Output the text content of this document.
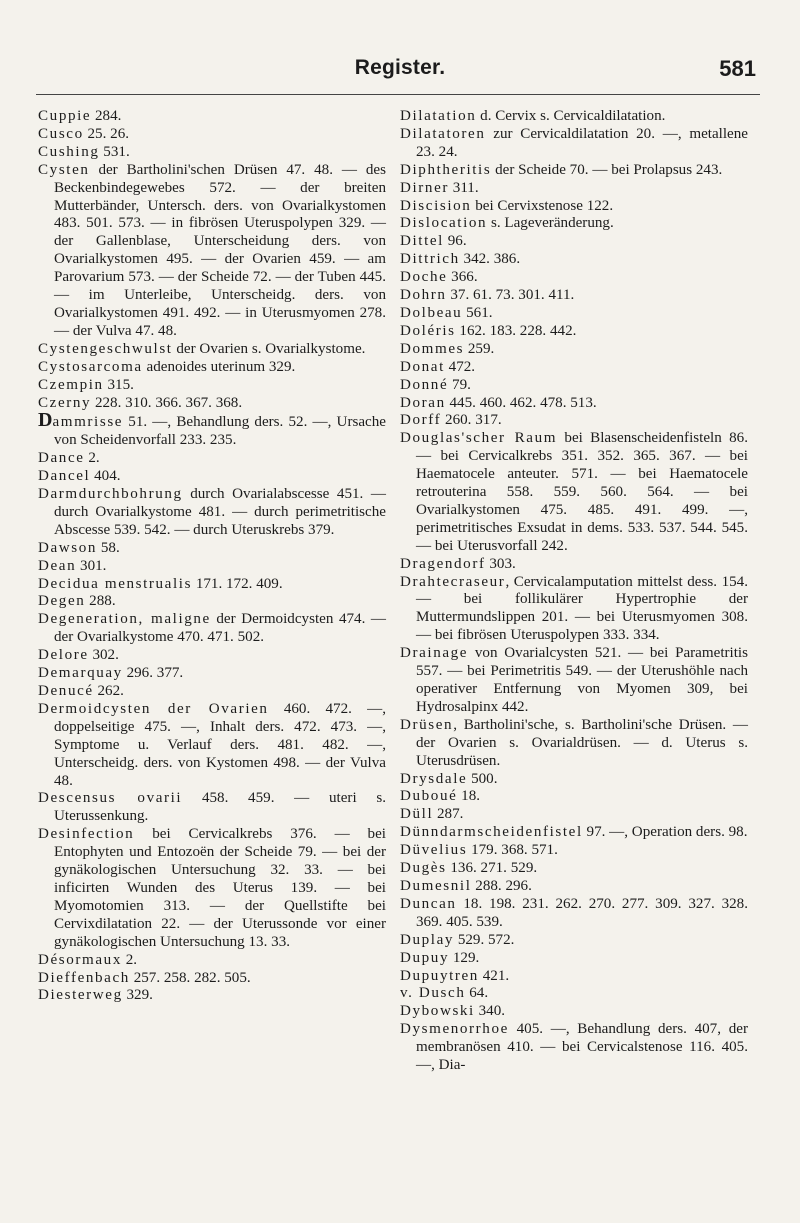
Register.	581

Cuppie 284.

Cusco 25. 26.

Cushing 531.

Cysten der Bartholini'schen Drüsen 47. 48. — des Beckenbindegewebes 572. — der breiten Mutterbänder, Untersch. ders. von Ovarialkystomen 483. 501. 573. — in fibrösen Uteruspolypen 329. — der Gallenblase, Unterscheidung ders. von Ovarialkystomen 495. — der Ovarien 459. — am Parovarium 573. — der Scheide 72. — der Tuben 445. — im Unterleibe, Unterscheidg. ders. von Ovarialkystomen 491. 492. — in Uterusmyomen 278. — der Vulva 47. 48.

Cystengeschwulst der Ovarien s. Ovarialkystome.

Cystosarcoma adenoides uterinum 329.

Czempin 315.

Czerny 228. 310. 366. 367. 368.

Dammrisse 51. —, Behandlung ders. 52. —, Ursache von Scheidenvorfall 233. 235.

Dance 2.

Dancel 404.

Darmdurchbohrung durch Ovarialabscesse 451. — durch Ovarialkystome 481. — durch perimetritische Abscesse 539. 542. — durch Uteruskrebs 379.

Dawson 58.

Dean 301.

Decidua menstrualis 171. 172. 409.

Degen 288.

Degeneration, maligne der Dermoidcysten 474. — der Ovarialkystome 470. 471. 502.

Delore 302.

Demarquay 296. 377.

Denucé 262.

Dermoidcysten der Ovarien 460. 472. —, doppelseitige 475. —, Inhalt ders. 472. 473. —, Symptome u. Verlauf ders. 481. 482. —, Unterscheidg. ders. von Kystomen 498. — der Vulva 48.

Descensus ovarii 458. 459. — uteri s. Uterussenkung.

Desinfection bei Cervicalkrebs 376. — bei Entophyten und Entozoën der Scheide 79. — bei der gynäkologischen Untersuchung 32. 33. — bei inficirten Wunden des Uterus 139. — bei Myomotomien 313. — der Quellstifte bei Cervixdilatation 22. — der Uterussonde vor einer gynäkologischen Untersuchung 13. 33.

Désormaux 2.

Dieffenbach 257. 258. 282. 505.

Diesterweg 329.

Dilatation d. Cervix s. Cervicaldilatation.

Dilatatoren zur Cervicaldilatation 20. —, metallene 23. 24.

Diphtheritis der Scheide 70. — bei Prolapsus 243.

Dirner 311.

Discision bei Cervixstenose 122.

Dislocation s. Lageveränderung.

Dittel 96.

Dittrich 342. 386.

Doche 366.

Dohrn 37. 61. 73. 301. 411.

Dolbeau 561.

Doléris 162. 183. 228. 442.

Dommes 259.

Donat 472.

Donné 79.

Doran 445. 460. 462. 478. 513.

Dorff 260. 317.

Douglas'scher Raum bei Blasenscheidenfisteln 86. — bei Cervicalkrebs 351. 352. 365. 367. — bei Haematocele anteuter. 571. — bei Haematocele retrouterina 558. 559. 560. 564. — bei Ovarialkystomen 475. 485. 491. 499. —, perimetritisches Exsudat in dems. 533. 537. 544. 545. — bei Uterusvorfall 242.

Dragendorf 303.

Drahtecraseur, Cervicalamputation mittelst dess. 154. — bei follikulärer Hypertrophie der Muttermundslippen 201. — bei Uterusmyomen 308. — bei fibrösen Uteruspolypen 333. 334.

Drainage von Ovarialcysten 521. — bei Parametritis 557. — bei Perimetritis 549. — der Uterushöhle nach operativer Entfernung von Myomen 309, bei Hydrosalpinx 442.

Drüsen, Bartholini'sche, s. Bartholini'sche Drüsen. — der Ovarien s. Ovarialdrüsen. — d. Uterus s. Uterusdrüsen.

Drysdale 500.

Duboué 18.

Düll 287.

Dünndarmscheidenfistel 97. —, Operation ders. 98.

Düvelius 179. 368. 571.

Dugès 136. 271. 529.

Dumesnil 288. 296.

Duncan 18. 198. 231. 262. 270. 277. 309. 327. 328. 369. 405. 539.

Duplay 529. 572.

Dupuy 129.

Dupuytren 421.

v. Dusch 64.

Dybowski 340.

Dysmenorrhoe 405. —, Behandlung ders. 407, der membranösen 410. — bei Cervicalstenose 116. 405. —, Dia-
